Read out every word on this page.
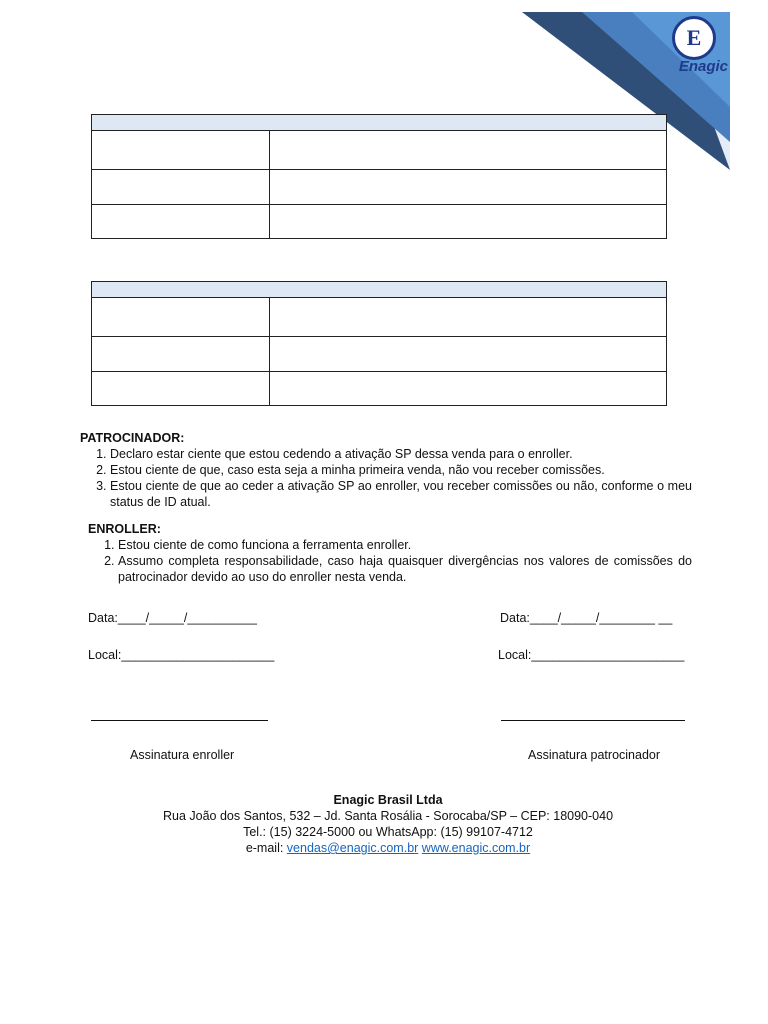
E
Enagic

PATROCINADOR:
1. Declaro estar ciente que estou cedendo a ativação SP dessa venda para o enroller.
2. Estou ciente de que, caso esta seja a minha primeira venda, não vou receber comissões.
3. Estou ciente de que ao ceder a ativação SP ao enroller, vou receber comissões ou não, conforme o meu status de ID atual.
ENROLLER:
1. Estou ciente de como funciona a ferramenta enroller.
2. Assumo completa responsabilidade, caso haja quaisquer divergências nos valores de comissões do patrocinador devido ao uso do enroller nesta venda.
Data:____/_____/__________	Data:____/_____/________ __
Local:______________________	Local:______________________
Assinatura enroller	Assinatura patrocinador
Enagic Brasil Ltda
Rua João dos Santos, 532 – Jd. Santa Rosália - Sorocaba/SP – CEP: 18090-040
Tel.: (15) 3224-5000 ou WhatsApp: (15) 99107-4712
e-mail: vendas@enagic.com.br www.enagic.com.br
